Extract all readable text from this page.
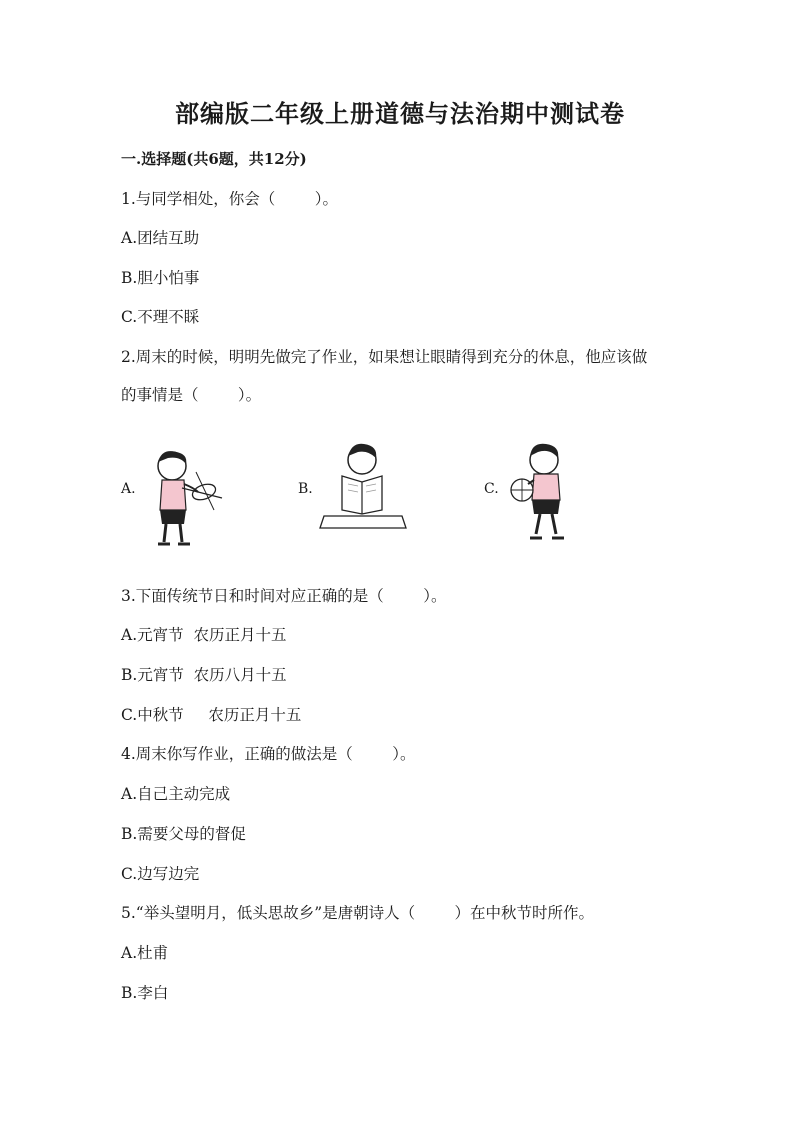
部编版二年级上册道德与法治期中测试卷
一.选择题(共6题，共12分)
1.与同学相处，你会（        ）。
A.团结互助
B.胆小怕事
C.不理不睬
2.周末的时候，明明先做完了作业，如果想让眼睛得到充分的休息，他应该做
的事情是（        ）。
A.	B.	C.
3.下面传统节日和时间对应正确的是（        ）。
A.元宵节  农历正月十五
B.元宵节  农历八月十五
C.中秋节     农历正月十五
4.周末你写作业，正确的做法是（        ）。
A.自己主动完成
B.需要父母的督促
C.边写边完
5.“举头望明月，低头思故乡”是唐朝诗人（        ）在中秋节时所作。
A.杜甫
B.李白
